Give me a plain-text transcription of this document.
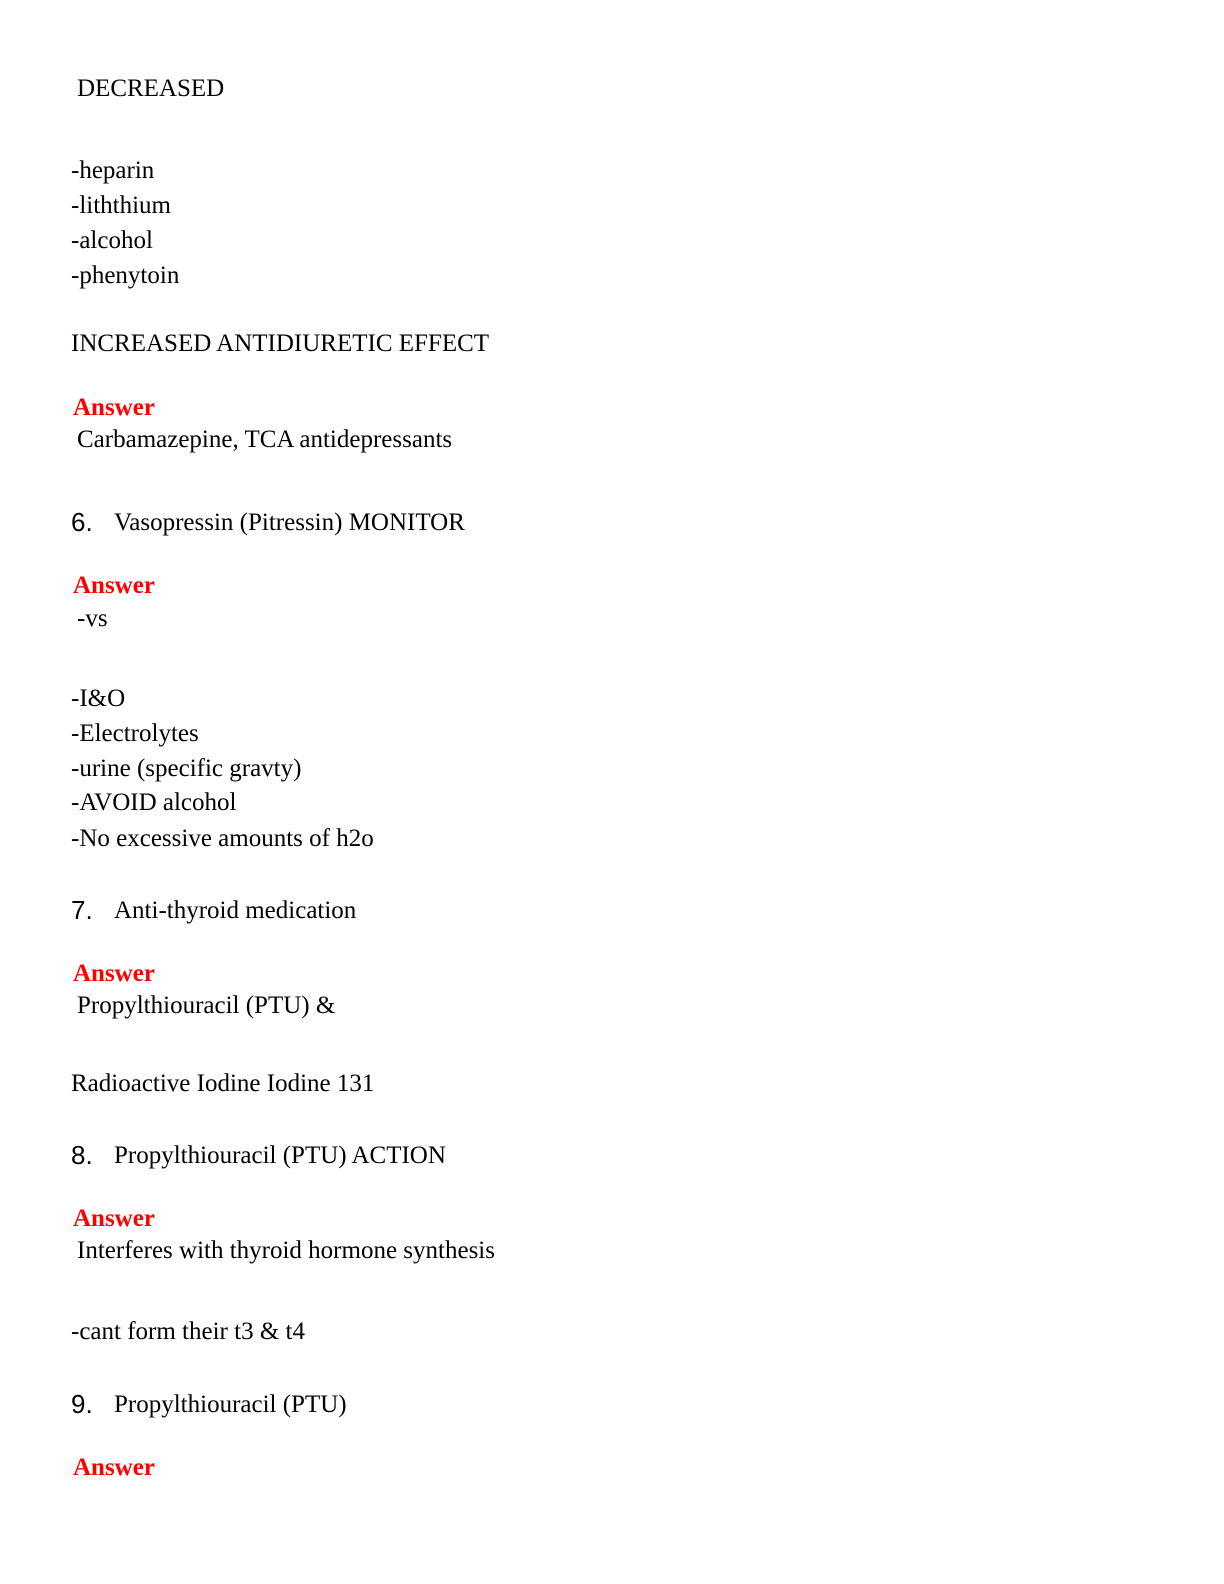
DECREASED
-heparin
-liththium
-alcohol
-phenytoin
INCREASED ANTIDIURETIC EFFECT
Answer
Carbamazepine, TCA antidepressants
6. Vasopressin (Pitressin) MONITOR
Answer
-vs
-I&O
-Electrolytes
-urine (specific gravty)
-AVOID alcohol
-No excessive amounts of h2o
7. Anti-thyroid medication
Answer
Propylthiouracil (PTU) &
Radioactive Iodine Iodine 131
8. Propylthiouracil (PTU) ACTION
Answer
Interferes with thyroid hormone synthesis
-cant form their t3 & t4
9. Propylthiouracil (PTU)
Answer
